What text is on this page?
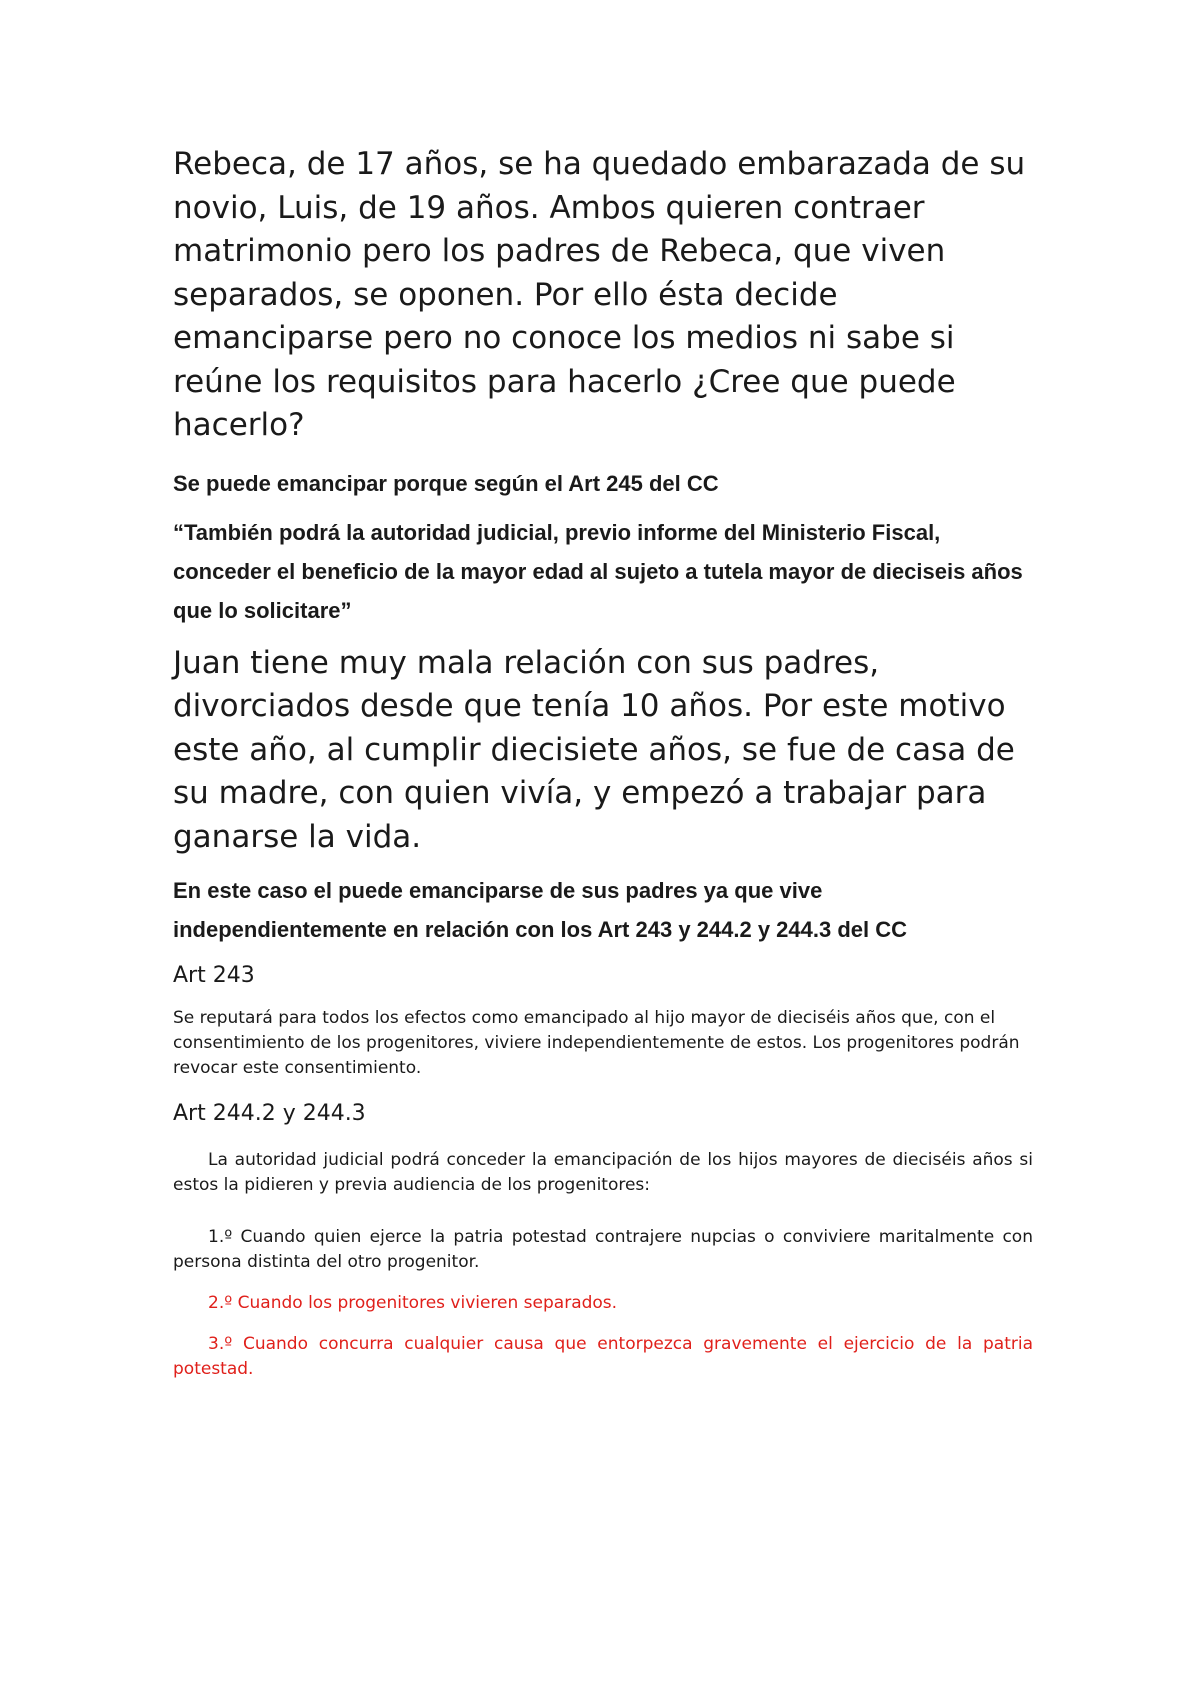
Rebeca, de 17 años, se ha quedado embarazada de su novio, Luis, de 19 años. Ambos quieren contraer matrimonio pero los padres de Rebeca, que viven separados, se oponen. Por ello ésta decide emanciparse pero no conoce los medios ni sabe si reúne los requisitos para hacerlo ¿Cree que puede hacerlo?

Se puede emancipar porque según el Art 245 del CC

“También podrá la autoridad judicial, previo informe del Ministerio Fiscal, conceder el beneficio de la mayor edad al sujeto a tutela mayor de dieciseis años que lo solicitare”

Juan tiene muy mala relación con sus padres, divorciados desde que tenía 10 años. Por este motivo este año, al cumplir diecisiete años, se fue de casa de su madre, con quien vivía, y empezó a trabajar para ganarse la vida.

En este caso el puede emanciparse de sus padres ya que vive independientemente en relación con los Art 243 y 244.2 y 244.3 del CC

Art 243

Se reputará para todos los efectos como emancipado al hijo mayor de dieciséis años que, con el consentimiento de los progenitores, viviere independientemente de estos. Los progenitores podrán revocar este consentimiento.

Art 244.2 y 244.3

La autoridad judicial podrá conceder la emancipación de los hijos mayores de dieciséis años si estos la pidieren y previa audiencia de los progenitores:

1.º Cuando quien ejerce la patria potestad contrajere nupcias o conviviere maritalmente con persona distinta del otro progenitor.

2.º Cuando los progenitores vivieren separados.

3.º Cuando concurra cualquier causa que entorpezca gravemente el ejercicio de la patria potestad.
